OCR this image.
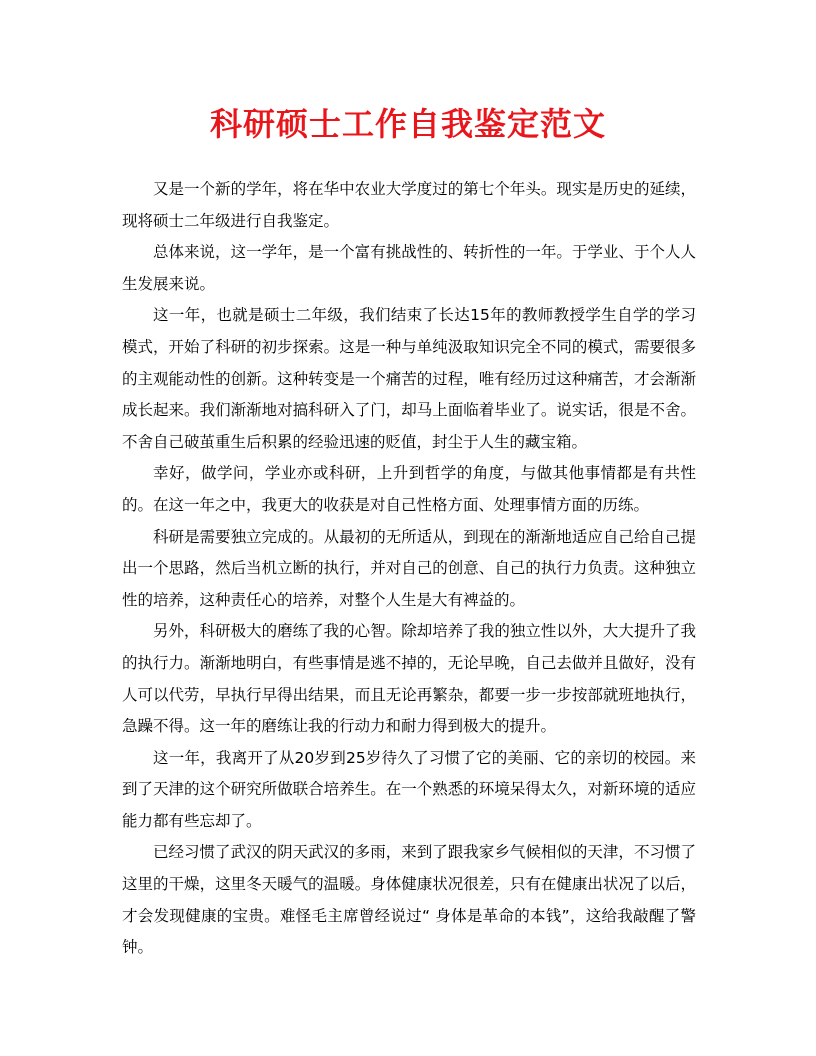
科研硕士工作自我鉴定范文

又是一个新的学年，将在华中农业大学度过的第七个年头。现实是历史的延续，现将硕士二年级进行自我鉴定。

总体来说，这一学年，是一个富有挑战性的、转折性的一年。于学业、于个人人生发展来说。

这一年，也就是硕士二年级，我们结束了长达15年的教师教授学生自学的学习模式，开始了科研的初步探索。这是一种与单纯汲取知识完全不同的模式，需要很多的主观能动性的创新。这种转变是一个痛苦的过程，唯有经历过这种痛苦，才会渐渐成长起来。我们渐渐地对搞科研入了门，却马上面临着毕业了。说实话，很是不舍。不舍自己破茧重生后积累的经验迅速的贬值，封尘于人生的藏宝箱。

幸好，做学问，学业亦或科研，上升到哲学的角度，与做其他事情都是有共性的。在这一年之中，我更大的收获是对自己性格方面、处理事情方面的历练。

科研是需要独立完成的。从最初的无所适从，到现在的渐渐地适应自己给自己提出一个思路，然后当机立断的执行，并对自己的创意、自己的执行力负责。这种独立性的培养，这种责任心的培养，对整个人生是大有裨益的。

另外，科研极大的磨练了我的心智。除却培养了我的独立性以外，大大提升了我的执行力。渐渐地明白，有些事情是逃不掉的，无论早晚，自己去做并且做好，没有人可以代劳，早执行早得出结果，而且无论再繁杂，都要一步一步按部就班地执行，急躁不得。这一年的磨练让我的行动力和耐力得到极大的提升。

这一年，我离开了从20岁到25岁待久了习惯了它的美丽、它的亲切的校园。来到了天津的这个研究所做联合培养生。在一个熟悉的环境呆得太久，对新环境的适应能力都有些忘却了。

已经习惯了武汉的阴天武汉的多雨，来到了跟我家乡气候相似的天津，不习惯了这里的干燥，这里冬天暖气的温暖。身体健康状况很差，只有在健康出状况了以后，才会发现健康的宝贵。难怪毛主席曾经说过“ 身体是革命的本钱”，这给我敲醒了警钟。
